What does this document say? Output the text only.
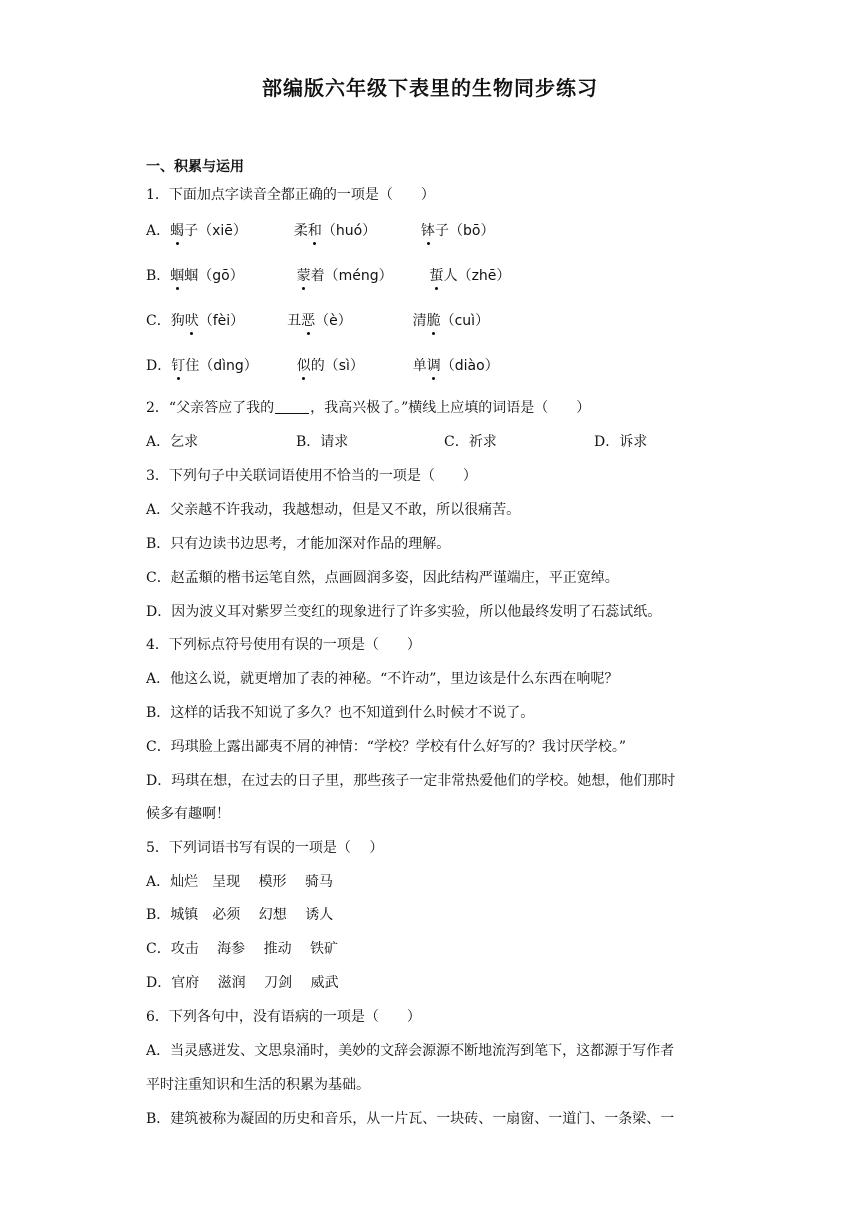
部编版六年级下表里的生物同步练习
一、积累与运用
1．下面加点字读音全都正确的一项是（　　）
A．蝎子（xiē）	柔和（huó）	钵子（bō）
B．蝈蝈（gō）	蒙着（méng）	蜇人（zhē）
C．狗吠（fèi）	丑恶（è）	清脆（cuì）
D．钉住（dìng）	似的（sì）	单调（diào）
2．“父亲答应了我的	，我高兴极了。”横线上应填的词语是（　　）
A．乞求	B．请求	C．祈求	D．诉求
3．下列句子中关联词语使用不恰当的一项是（　　）
A．父亲越不许我动，我越想动，但是又不敢，所以很痛苦。
B．只有边读书边思考，才能加深对作品的理解。
C．赵孟頫的楷书运笔自然，点画圆润多姿，因此结构严谨端庄，平正宽绰。
D．因为波义耳对紫罗兰变红的现象进行了许多实验，所以他最终发明了石蕊试纸。
4．下列标点符号使用有误的一项是（　　）
A．他这么说，就更增加了表的神秘。“不许动”，里边该是什么东西在响呢？
B．这样的话我不知说了多久？也不知道到什么时候才不说了。
C．玛琪脸上露出鄙夷不屑的神情：“学校？学校有什么好写的？我讨厌学校。”
D．玛琪在想，在过去的日子里，那些孩子一定非常热爱他们的学校。她想，他们那时
候多有趣啊！
5．下列词语书写有误的一项是（　 ）
A．灿烂　呈现　 模形　 骑马
B．城镇　必须　 幻想　 诱人
C．攻击　 海参　 推动　 铁矿
D．官府　 滋润　 刀剑　 威武
6．下列各句中，没有语病的一项是（　　）
A．当灵感迸发、文思泉涌时，美妙的文辞会源源不断地流泻到笔下，这都源于写作者
平时注重知识和生活的积累为基础。
B．建筑被称为凝固的历史和音乐，从一片瓦、一块砖、一扇窗、一道门、一条梁、一
